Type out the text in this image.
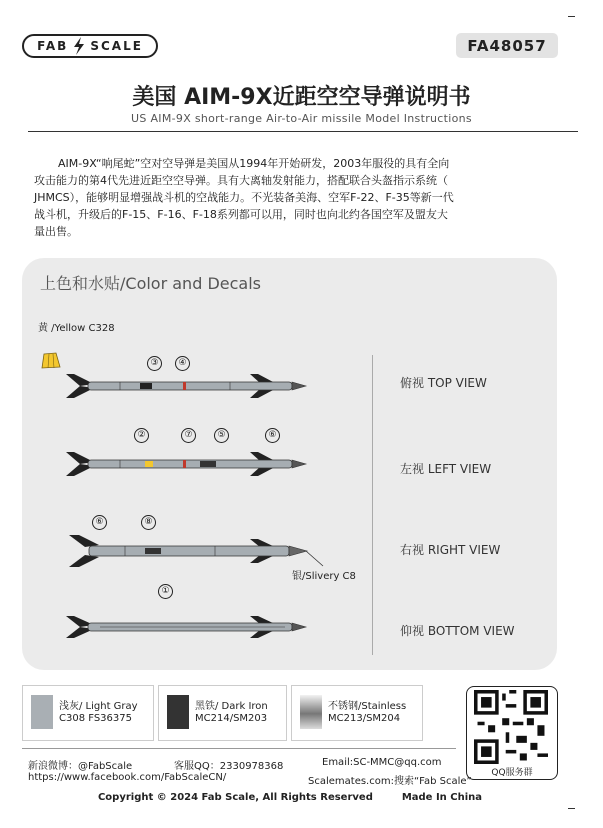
FAB SCALE	FA48057
美国 AIM-9X近距空空导弹说明书
US AIM-9X short-range Air-to-Air missile Model Instructions
AIM-9X“响尾蛇”空对空导弹是美国从1994年开始研发，2003年服役的具有全向
攻击能力的第4代先进近距空空导弹。具有大离轴发射能力，搭配联合头盔指示系统（
JHMCS），能够明显增强战斗机的空战能力。不光装备美海、空军F-22、F-35等新一代
战斗机，升级后的F-15、F-16、F-18系列都可以用，同时也向北约各国空军及盟友大
量出售。
上色和水贴/Color and Decals
黄 /Yellow C328
③	④
俯视 TOP VIEW
②	⑦	⑤	⑥
左视 LEFT VIEW
⑥	⑧
右视 RIGHT VIEW
银/Slivery C8
①
仰视 BOTTOM VIEW
浅灰/ Light Gray
C308 FS36375
黑铁/ Dark Iron
MC214/SM203
不锈钢/Stainless
MC213/SM204
QQ服务群
新浪微博：@FabScale	客服QQ：2330978368	Email:SC-MMC@qq.com
https://www.facebook.com/FabScaleCN/	Scalemates.com:搜索“Fab Scale”
Copyright © 2024 Fab Scale, All Rights Reserved	Made In China
